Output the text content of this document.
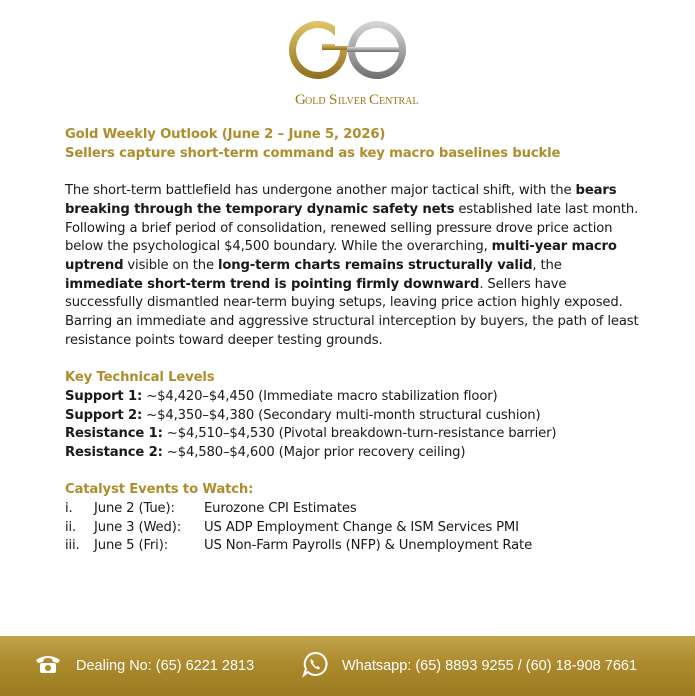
G OLD S ILVER C ENTRAL
Gold Weekly Outlook (June 2 – June 5, 2026)
Sellers capture short-term command as key macro baselines buckle

The short-term battlefield has undergone another major tactical shift, with the bears breaking through the temporary dynamic safety nets established late last month. Following a brief period of consolidation, renewed selling pressure drove price action below the psychological $4,500 boundary. While the overarching, multi-year macro uptrend visible on the long-term charts remains structurally valid, the immediate short-term trend is pointing firmly downward. Sellers have successfully dismantled near-term buying setups, leaving price action highly exposed. Barring an immediate and aggressive structural interception by buyers, the path of least resistance points toward deeper testing grounds.

Key Technical Levels
Support 1: ~$4,420–$4,450 (Immediate macro stabilization floor)
Support 2: ~$4,350–$4,380 (Secondary multi-month structural cushion)
Resistance 1: ~$4,510–$4,530 (Pivotal breakdown-turn-resistance barrier)
Resistance 2: ~$4,580–$4,600 (Major prior recovery ceiling)
Catalyst Events to Watch:
i.	June 2 (Tue):	Eurozone CPI Estimates
ii.	June 3 (Wed):	US ADP Employment Change & ISM Services PMI
iii.	June 5 (Fri):	US Non-Farm Payrolls (NFP) & Unemployment Rate
Dealing No: (65) 6221 2813	Whatsapp: (65) 8893 9255 / (60) 18-908 7661
